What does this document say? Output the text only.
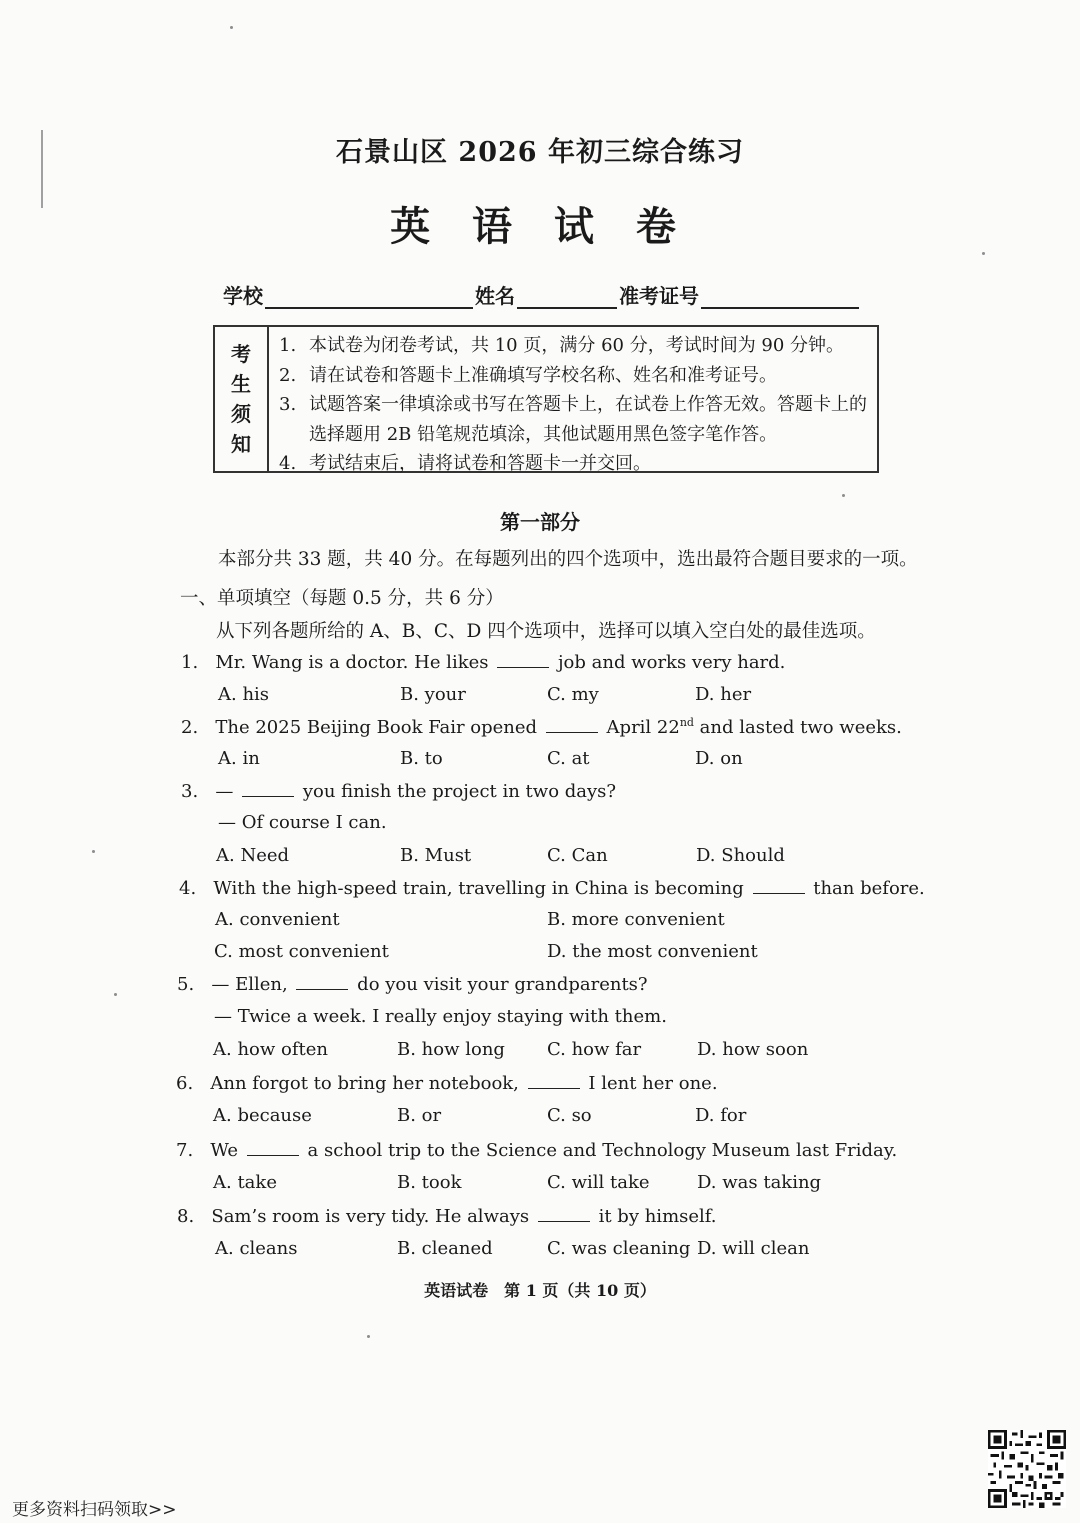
石景山区 2026 年初三综合练习
英 语 试 卷
学校	姓名	准考证号
考
生
须
知
1. 本试卷为闭卷考试，共 10 页，满分 60 分，考试时间为 90 分钟。
2. 请在试卷和答题卡上准确填写学校名称、姓名和准考证号。
3. 试题答案一律填涂或书写在答题卡上，在试卷上作答无效。答题卡上的选择题用 2B 铅笔规范填涂，其他试题用黑色签字笔作答。
4. 考试结束后，请将试卷和答题卡一并交回。
第一部分
本部分共 33 题，共 40 分。在每题列出的四个选项中，选出最符合题目要求的一项。
一、单项填空（每题 0.5 分，共 6 分）
从下列各题所给的 A、B、C、D 四个选项中，选择可以填入空白处的最佳选项。
1. Mr. Wang is a doctor. He likes	job and works very hard.
A. his	B. your	C. my	D. her
2. The 2025 Beijing Book Fair opened	April 22nd and lasted two weeks.
A. in	B. to	C. at	D. on
3. —	you finish the project in two days?
— Of course I can.
A. Need	B. Must	C. Can	D. Should
4. With the high-speed train, travelling in China is becoming	than before.
A. convenient	B. more convenient
C. most convenient	D. the most convenient
5. — Ellen,	do you visit your grandparents?
— Twice a week. I really enjoy staying with them.
A. how often	B. how long C. how far	D. how soon
6. Ann forgot to bring her notebook,	I lent her one.
A. because	B. or	C. so	D. for
7. We	a school trip to the Science and Technology Museum last Friday.
A. take	B. took	C. will take	D. was taking
8. Sam’s room is very tidy. He always	it by himself.
A. cleans	B. cleaned	C. was cleaning D. will clean
英语试卷　第 1 页（共 10 页）
更多资料扫码领取>>
